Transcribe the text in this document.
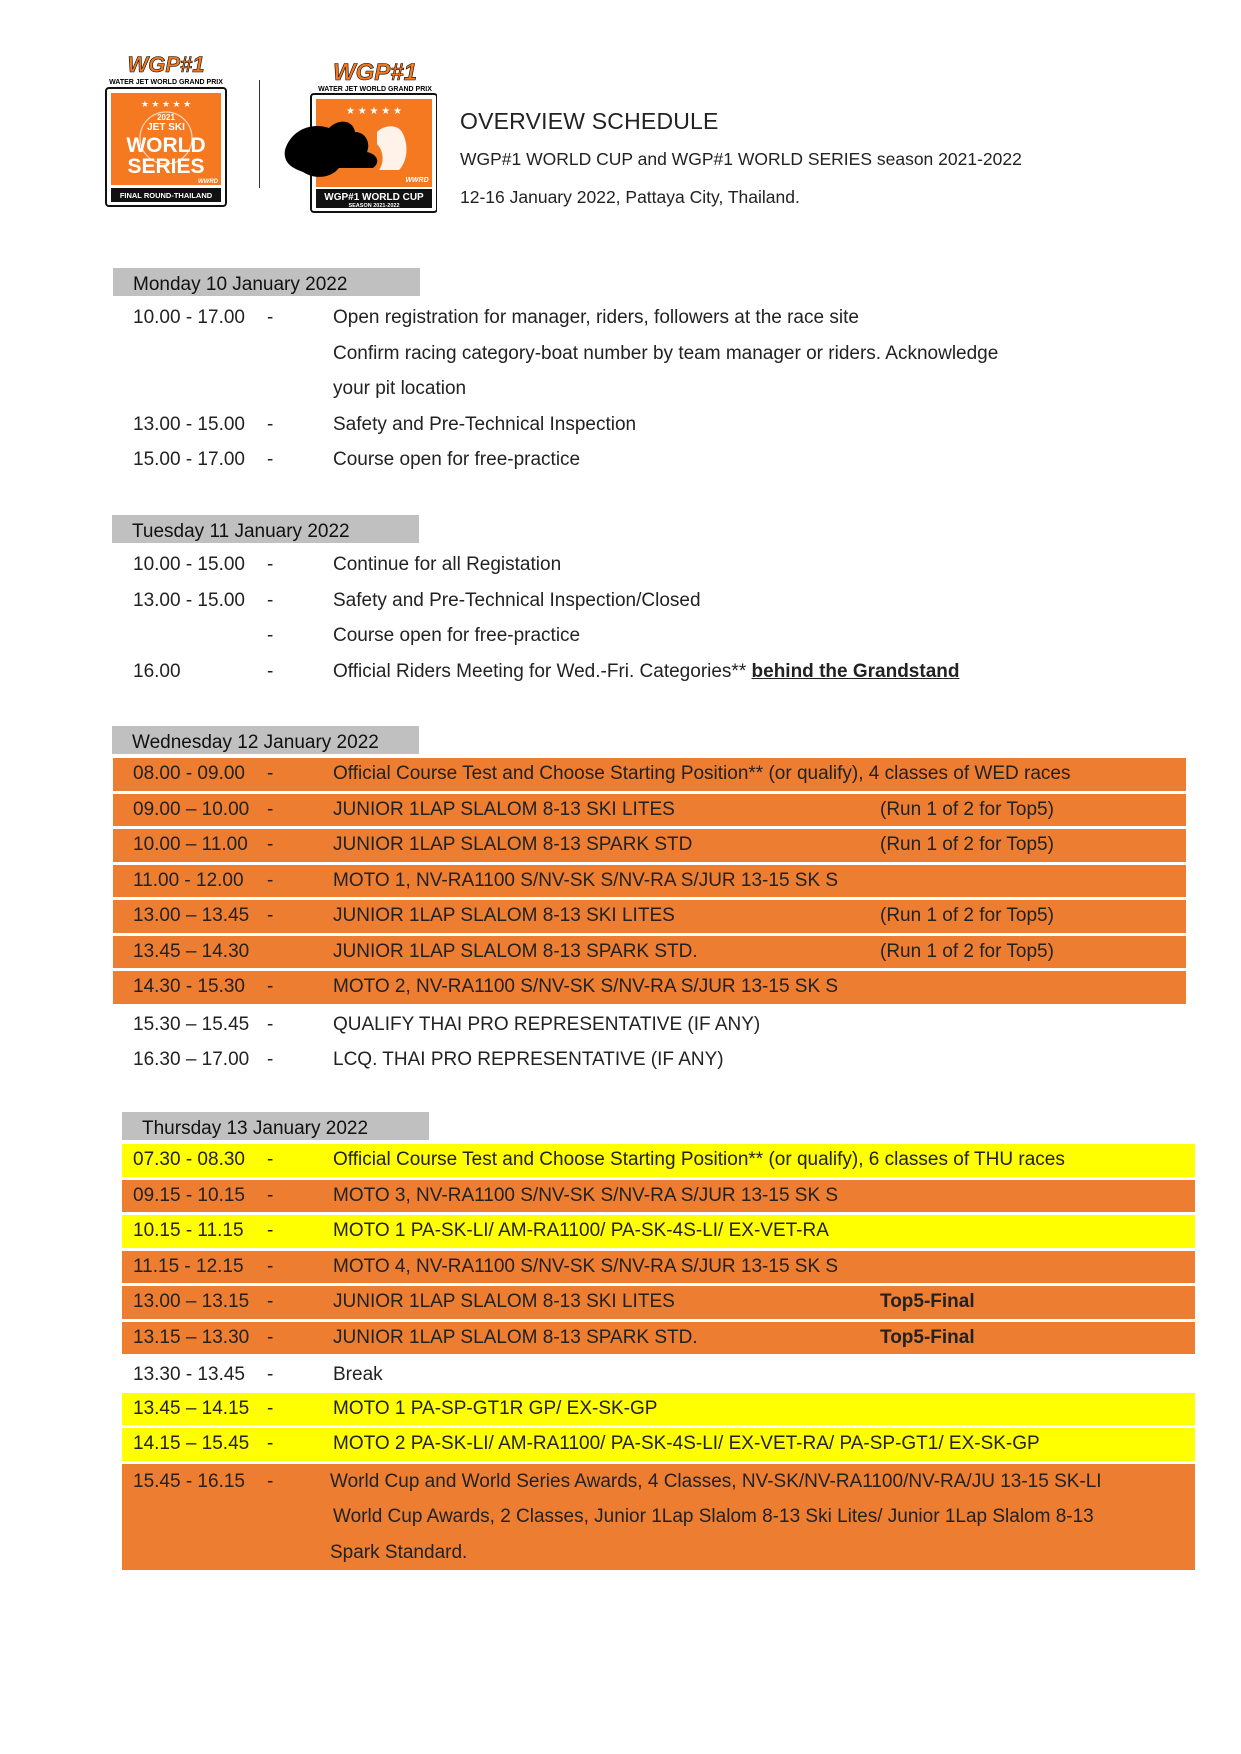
WGP#1
WATER JET WORLD GRAND PRIX
★ ★ ★ ★ ★
2021
JET SKI
WORLD
SERIES
WWRD
FINAL ROUND-THAILAND
WGP#1
WATER JET WORLD GRAND PRIX
★ ★ ★ ★ ★
WWRD
WGP#1 WORLD CUP
SEASON 2021-2022
OVERVIEW SCHEDULE
WGP#1 WORLD CUP and WGP#1 WORLD SERIES season 2021-2022
12-16 January 2022, Pattaya City, Thailand.
Monday 10 January 2022
10.00 - 17.00 -	Open registration for manager, riders, followers at the race site
Confirm racing category-boat number by team manager or riders. Acknowledge
your pit location
13.00 - 15.00 -	Safety and Pre-Technical Inspection
15.00 - 17.00 -	Course open for free-practice
Tuesday 11 January 2022
10.00 - 15.00 -	Continue for all Registation
13.00 - 15.00 -	Safety and Pre-Technical Inspection/Closed
-	Course open for free-practice
16.00	-	Official Riders Meeting for Wed.-Fri. Categories** behind the Grandstand
Wednesday 12 January 2022
08.00 - 09.00 -	Official Course Test and Choose Starting Position** (or qualify), 4 classes of WED races
09.00 – 10.00 -	JUNIOR 1LAP SLALOM 8-13 SKI LITES	(Run 1 of 2 for Top5)
10.00 – 11.00 -	JUNIOR 1LAP SLALOM 8-13 SPARK STD	(Run 1 of 2 for Top5)
11.00 - 12.00 -	MOTO 1, NV-RA1100 S/NV-SK S/NV-RA S/JUR 13-15 SK S
13.00 – 13.45 -	JUNIOR 1LAP SLALOM 8-13 SKI LITES	(Run 1 of 2 for Top5)
13.45 – 14.30	JUNIOR 1LAP SLALOM 8-13 SPARK STD.	(Run 1 of 2 for Top5)
14.30 - 15.30 -	MOTO 2, NV-RA1100 S/NV-SK S/NV-RA S/JUR 13-15 SK S
15.30 – 15.45 -	QUALIFY THAI PRO REPRESENTATIVE (IF ANY)
16.30 – 17.00 -	LCQ. THAI PRO REPRESENTATIVE (IF ANY)
Thursday 13 January 2022
07.30 - 08.30 -	Official Course Test and Choose Starting Position** (or qualify), 6 classes of THU races
09.15 - 10.15 -	MOTO 3, NV-RA1100 S/NV-SK S/NV-RA S/JUR 13-15 SK S
10.15 - 11.15 -	MOTO 1 PA-SK-LI/ AM-RA1100/ PA-SK-4S-LI/ EX-VET-RA
11.15 - 12.15 -	MOTO 4, NV-RA1100 S/NV-SK S/NV-RA S/JUR 13-15 SK S
13.00 – 13.15 -	JUNIOR 1LAP SLALOM 8-13 SKI LITES	Top5-Final
13.15 – 13.30 -	JUNIOR 1LAP SLALOM 8-13 SPARK STD.	Top5-Final
13.30 - 13.45 -	Break
13.45 – 14.15 -	MOTO 1 PA-SP-GT1R GP/ EX-SK-GP
14.15 – 15.45 -	MOTO 2 PA-SK-LI/ AM-RA1100/ PA-SK-4S-LI/ EX-VET-RA/ PA-SP-GT1/ EX-SK-GP
15.45 - 16.15 -	World Cup and World Series Awards, 4 Classes, NV-SK/NV-RA1100/NV-RA/JU 13-15 SK-LI
World Cup Awards, 2 Classes, Junior 1Lap Slalom 8-13 Ski Lites/ Junior 1Lap Slalom 8-13
Spark Standard.
